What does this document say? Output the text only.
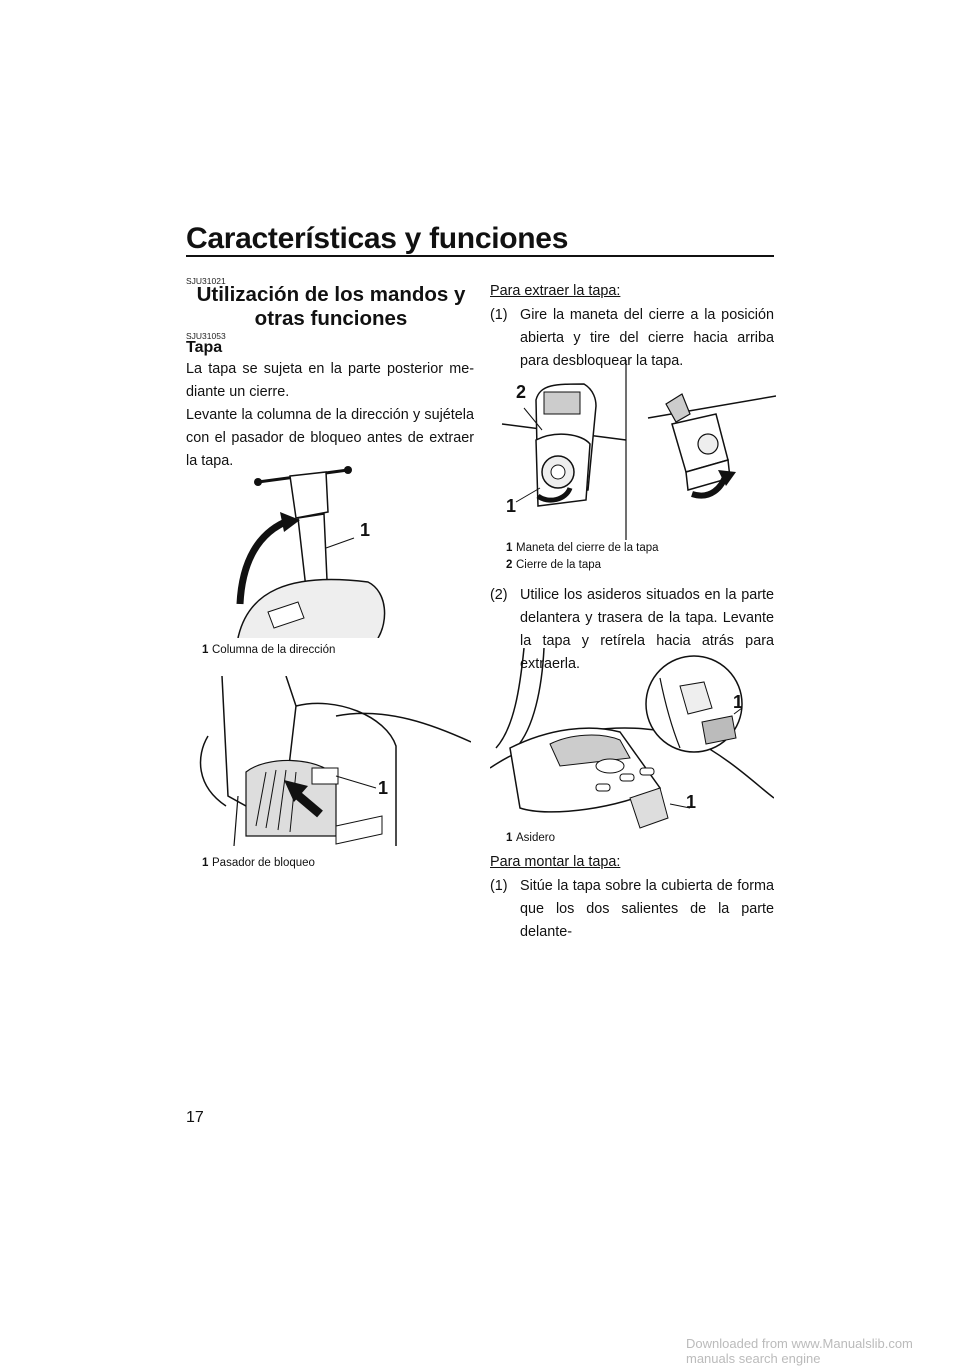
Características y funciones
SJU31021
Utilización de los mandos y otras funciones
SJU31053
Tapa
La tapa se sujeta en la parte posterior me-
diante un cierre.
Levante la columna de la dirección y sujétela con el pasador de bloqueo antes de extraer la tapa.
1
1 Columna de la dirección
1
1 Pasador de bloqueo
Para extraer la tapa:
(1) Gire la maneta del cierre a la posición abierta y tire del cierre hacia arriba para desbloquear la tapa.
2
1
1 Maneta del cierre de la tapa
2 Cierre de la tapa
(2) Utilice los asideros situados en la parte delantera y trasera de la tapa. Levante la tapa y retírela hacia atrás para extraerla.
1
1
1 Asidero
Para montar la tapa:
(1) Sitúe la tapa sobre la cubierta de forma
que los dos salientes de la parte delante-
17
Downloaded from www.Manualslib.com manuals search engine
